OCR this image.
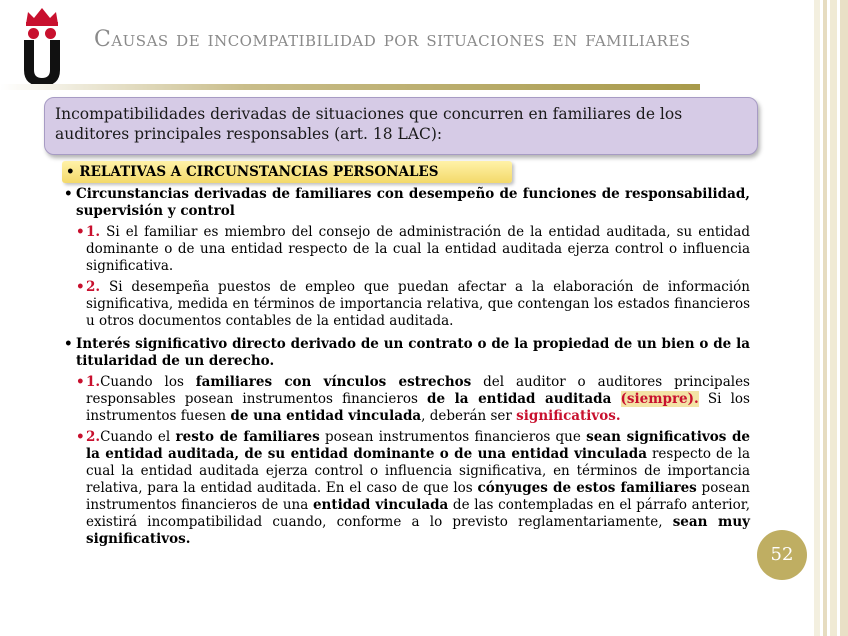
Causas de incompatibilidad por situaciones en familiares
Incompatibilidades derivadas de situaciones que concurren en familiares de los auditores principales responsables (art. 18 LAC):
• RELATIVAS A CIRCUNSTANCIAS PERSONALES
• Circunstancias derivadas de familiares con desempeño de funciones de responsabilidad, supervisión y control
• 1. Si el familiar es miembro del consejo de administración de la entidad auditada, su entidad dominante o de una entidad respecto de la cual la entidad auditada ejerza control o influencia significativa.
• 2. Si desempeña puestos de empleo que puedan afectar a la elaboración de información significativa, medida en términos de importancia relativa, que contengan los estados financieros u otros documentos contables de la entidad auditada.
• Interés significativo directo derivado de un contrato o de la propiedad de un bien o de la titularidad de un derecho.
• 1.Cuando los familiares con vínculos estrechos del auditor o auditores principales responsables posean instrumentos financieros de la entidad auditada (siempre). Si los instrumentos fuesen de una entidad vinculada, deberán ser significativos.
• 2.Cuando el resto de familiares posean instrumentos financieros que sean significativos de la entidad auditada, de su entidad dominante o de una entidad vinculada respecto de la cual la entidad auditada ejerza control o influencia significativa, en términos de importancia relativa, para la entidad auditada. En el caso de que los cónyuges de estos familiares posean instrumentos financieros de una entidad vinculada de las contempladas en el párrafo anterior, existirá incompatibilidad cuando, conforme a lo previsto reglamentariamente, sean muy significativos.
52
